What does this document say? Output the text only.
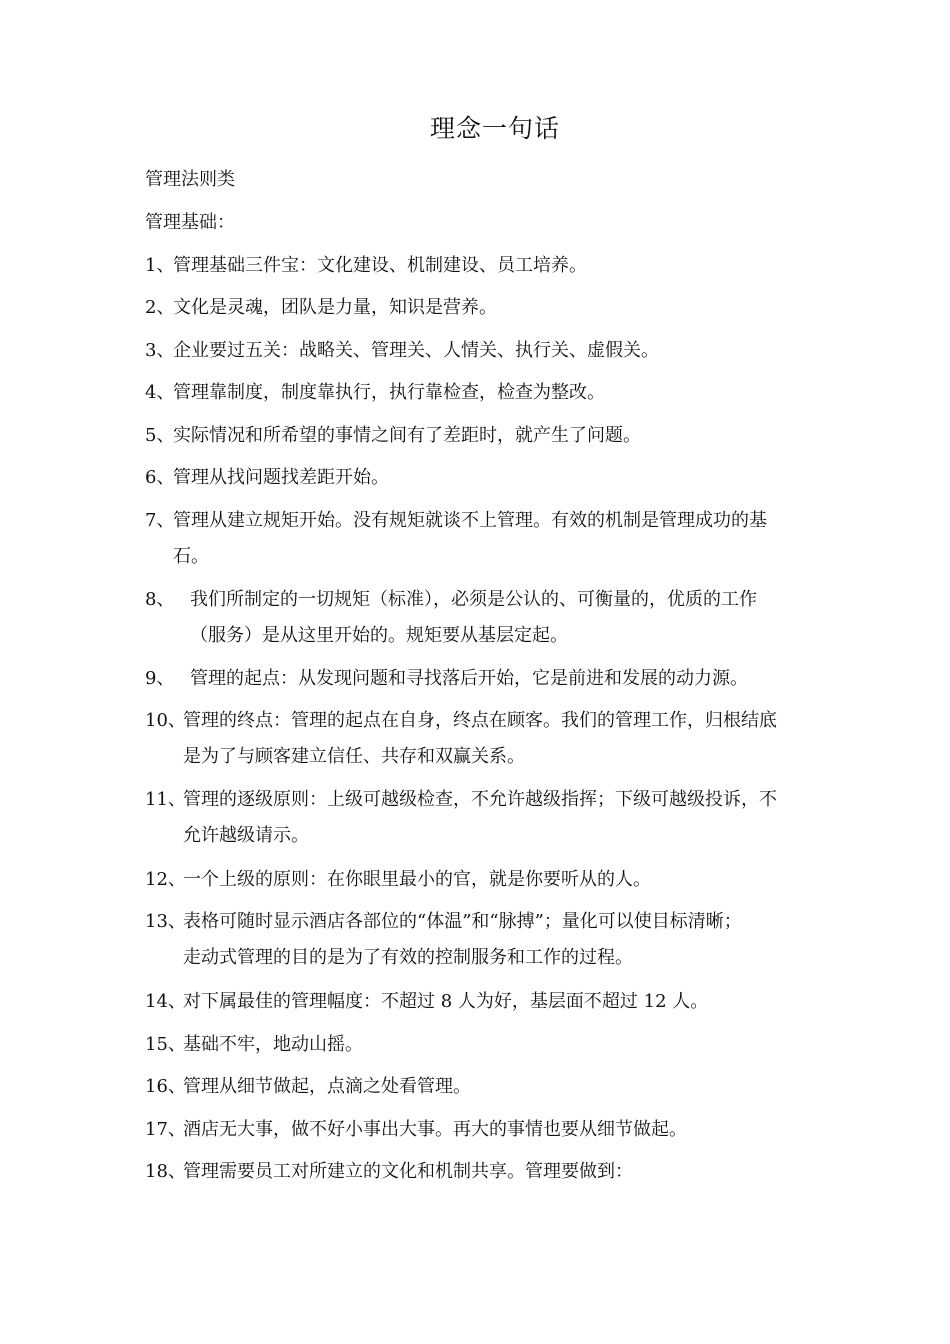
理念一句话
管理法则类
管理基础：
1、管理基础三件宝：文化建设、机制建设、员工培养。
2、文化是灵魂，团队是力量，知识是营养。
3、企业要过五关：战略关、管理关、人情关、执行关、虚假关。
4、管理靠制度，制度靠执行，执行靠检查，检查为整改。
5、实际情况和所希望的事情之间有了差距时，就产生了问题。
6、管理从找问题找差距开始。
7、管理从建立规矩开始。没有规矩就谈不上管理。有效的机制是管理成功的基
石。
8、 我们所制定的一切规矩（标准），必须是公认的、可衡量的，优质的工作
（服务）是从这里开始的。规矩要从基层定起。
9、 管理的起点：从发现问题和寻找落后开始，它是前进和发展的动力源。
10、管理的终点：管理的起点在自身，终点在顾客。我们的管理工作，归根结底
是为了与顾客建立信任、共存和双赢关系。
11、管理的逐级原则：上级可越级检查，不允许越级指挥；下级可越级投诉，不
允许越级请示。
12、一个上级的原则：在你眼里最小的官，就是你要听从的人。
13、表格可随时显示酒店各部位的“体温”和“脉搏”；量化可以使目标清晰；
走动式管理的目的是为了有效的控制服务和工作的过程。
14、对下属最佳的管理幅度：不超过 8 人为好，基层面不超过 12 人。
15、基础不牢，地动山摇。
16、管理从细节做起，点滴之处看管理。
17、酒店无大事，做不好小事出大事。再大的事情也要从细节做起。
18、管理需要员工对所建立的文化和机制共享。管理要做到：
